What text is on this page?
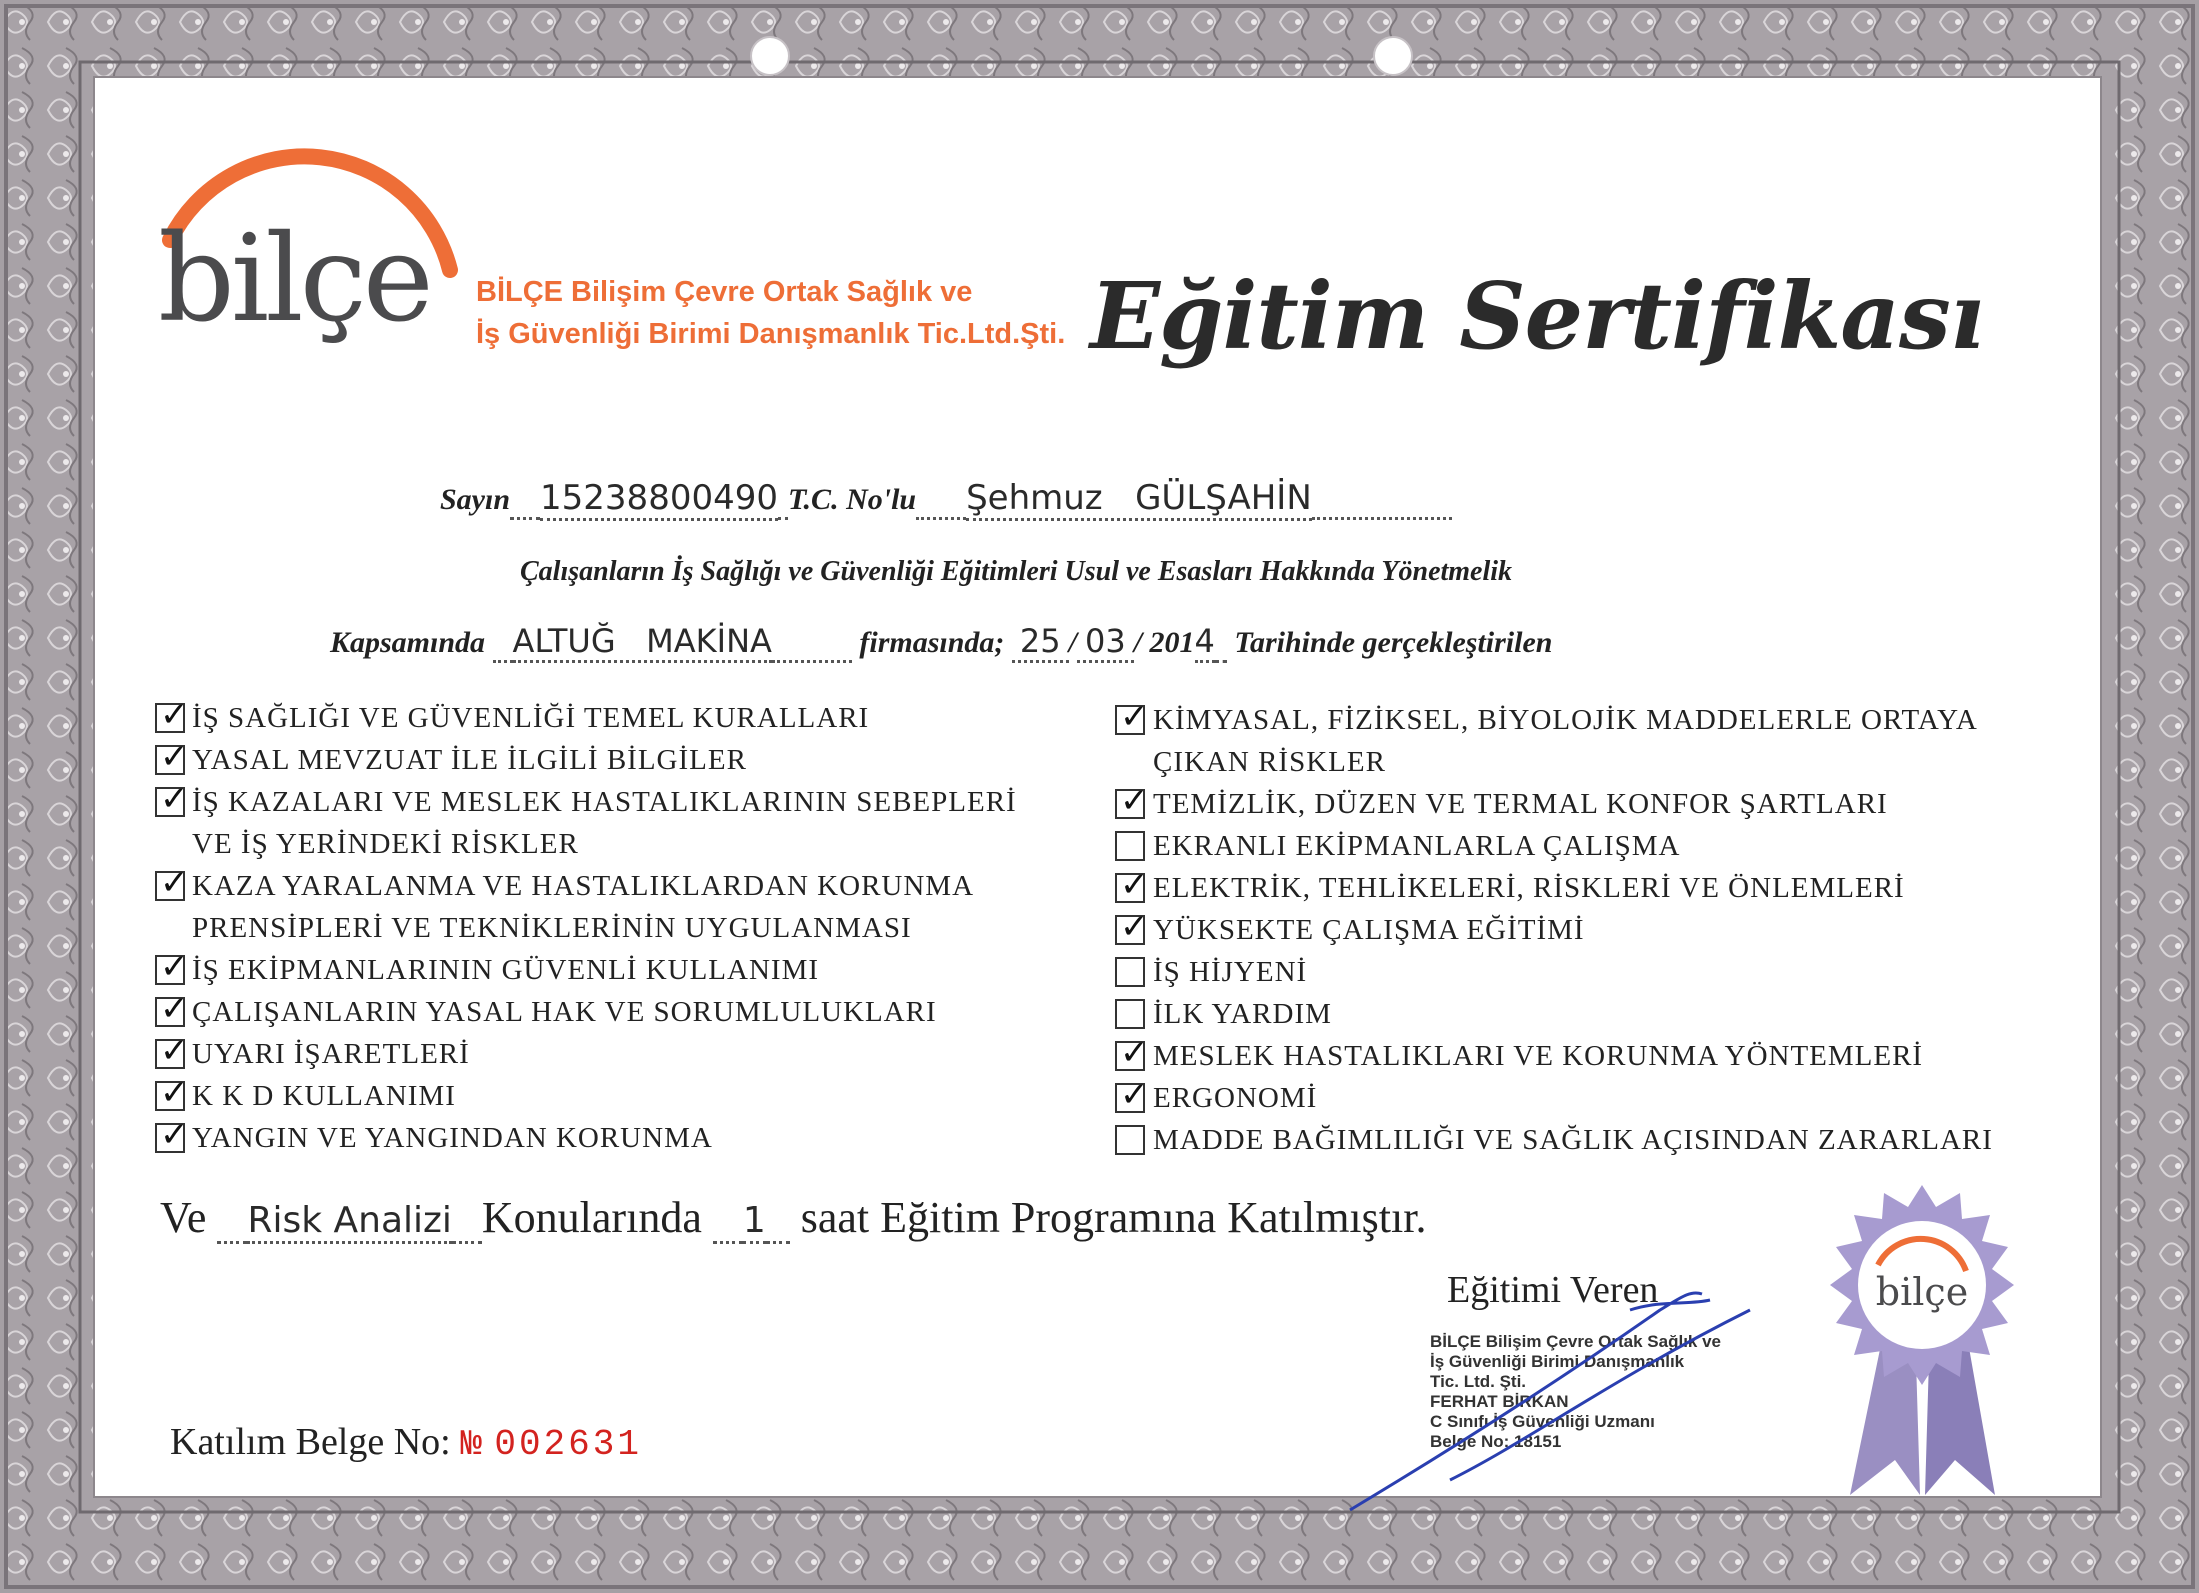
bilçe BİLÇE Bilişim Çevre Ortak Sağlık ve
İş Güvenliği Birimi Danışmanlık Tic.Ltd.Şti. Eğitim Sertifikası
Sayın 15238800490 T.C. No'lu Şehmuz   GÜLŞAHİN
Çalışanların İş Sağlığı ve Güvenliği Eğitimleri Usul ve Esasları Hakkında Yönetmelik
Kapsamında ALTUĞ   MAKİNA	firmasında; 25 / 03 / 2014 Tarihinde gerçekleştirilen
✓
İŞ SAĞLIĞI VE GÜVENLİĞİ TEMEL KURALLARI
✓
YASAL MEVZUAT İLE İLGİLİ BİLGİLER
✓
İŞ KAZALARI VE MESLEK HASTALIKLARININ SEBEPLERİ
VE İŞ YERİNDEKİ RİSKLER
✓
KAZA YARALANMA VE HASTALIKLARDAN KORUNMA
PRENSİPLERİ VE TEKNİKLERİNİN UYGULANMASI
✓
İŞ EKİPMANLARININ GÜVENLİ KULLANIMI
✓
ÇALIŞANLARIN YASAL HAK VE SORUMLULUKLARI
✓
UYARI İŞARETLERİ
✓
K K D KULLANIMI
✓
YANGIN VE YANGINDAN KORUNMA
✓
KİMYASAL, FİZİKSEL, BİYOLOJİK MADDELERLE ORTAYA
ÇIKAN RİSKLER
✓
TEMİZLİK, DÜZEN VE TERMAL KONFOR ŞARTLARI
EKRANLI EKİPMANLARLA ÇALIŞMA
✓
ELEKTRİK, TEHLİKELERİ, RİSKLERİ VE ÖNLEMLERİ
✓
YÜKSEKTE ÇALIŞMA EĞİTİMİ
İŞ HİJYENİ
İLK YARDIM
✓
MESLEK HASTALIKLARI VE KORUNMA YÖNTEMLERİ
✓
ERGONOMİ
MADDE BAĞIMLILIĞI VE SAĞLIK AÇISINDAN ZARARLARI
Ve Risk Analizi Konularında 1 saat Eğitim Programına Katılmıştır.
Eğitimi Veren
BİLÇE Bilişim Çevre Ortak Sağlık ve
İş Güvenliği Birimi Danışmanlık
Tic. Ltd. Şti.
FERHAT BİRKAN
C Sınıfı İş Güvenliği Uzmanı
Belge No: 18151
Katılım Belge No: № 002631
bilçe
